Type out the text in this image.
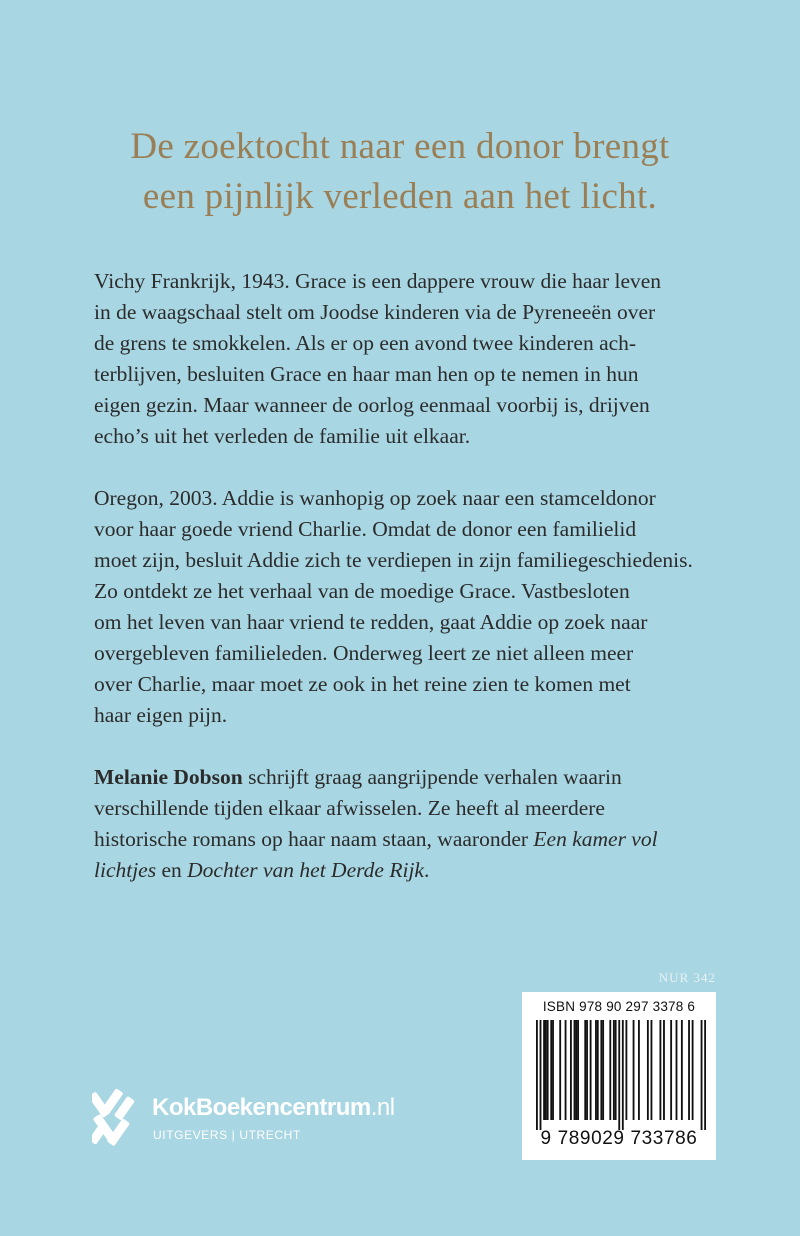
De zoektocht naar een donor brengt
een pijnlijk verleden aan het licht.

Vichy Frankrijk, 1943. Grace is een dappere vrouw die haar leven
in de waagschaal stelt om Joodse kinderen via de Pyreneeën over
de grens te smokkelen. Als er op een avond twee kinderen ach-
terblijven, besluiten Grace en haar man hen op te nemen in hun
eigen gezin. Maar wanneer de oorlog eenmaal voorbij is, drijven
echo’s uit het verleden de familie uit elkaar.

Oregon, 2003. Addie is wanhopig op zoek naar een stamceldonor
voor haar goede vriend Charlie. Omdat de donor een familielid
moet zijn, besluit Addie zich te verdiepen in zijn familiegeschiedenis.
Zo ontdekt ze het verhaal van de moedige Grace. Vastbesloten
om het leven van haar vriend te redden, gaat Addie op zoek naar
overgebleven familieleden. Onderweg leert ze niet alleen meer
over Charlie, maar moet ze ook in het reine zien te komen met
haar eigen pijn.

Melanie Dobson schrijft graag aangrijpende verhalen waarin
verschillende tijden elkaar afwisselen. Ze heeft al meerdere
historische romans op haar naam staan, waaronder Een kamer vol
lichtjes en Dochter van het Derde Rijk.

NUR 342
ISBN 978 90 297 3378 6
9 789029 733786
KokBoekencentrum.nl
UITGEVERS | UTRECHT
